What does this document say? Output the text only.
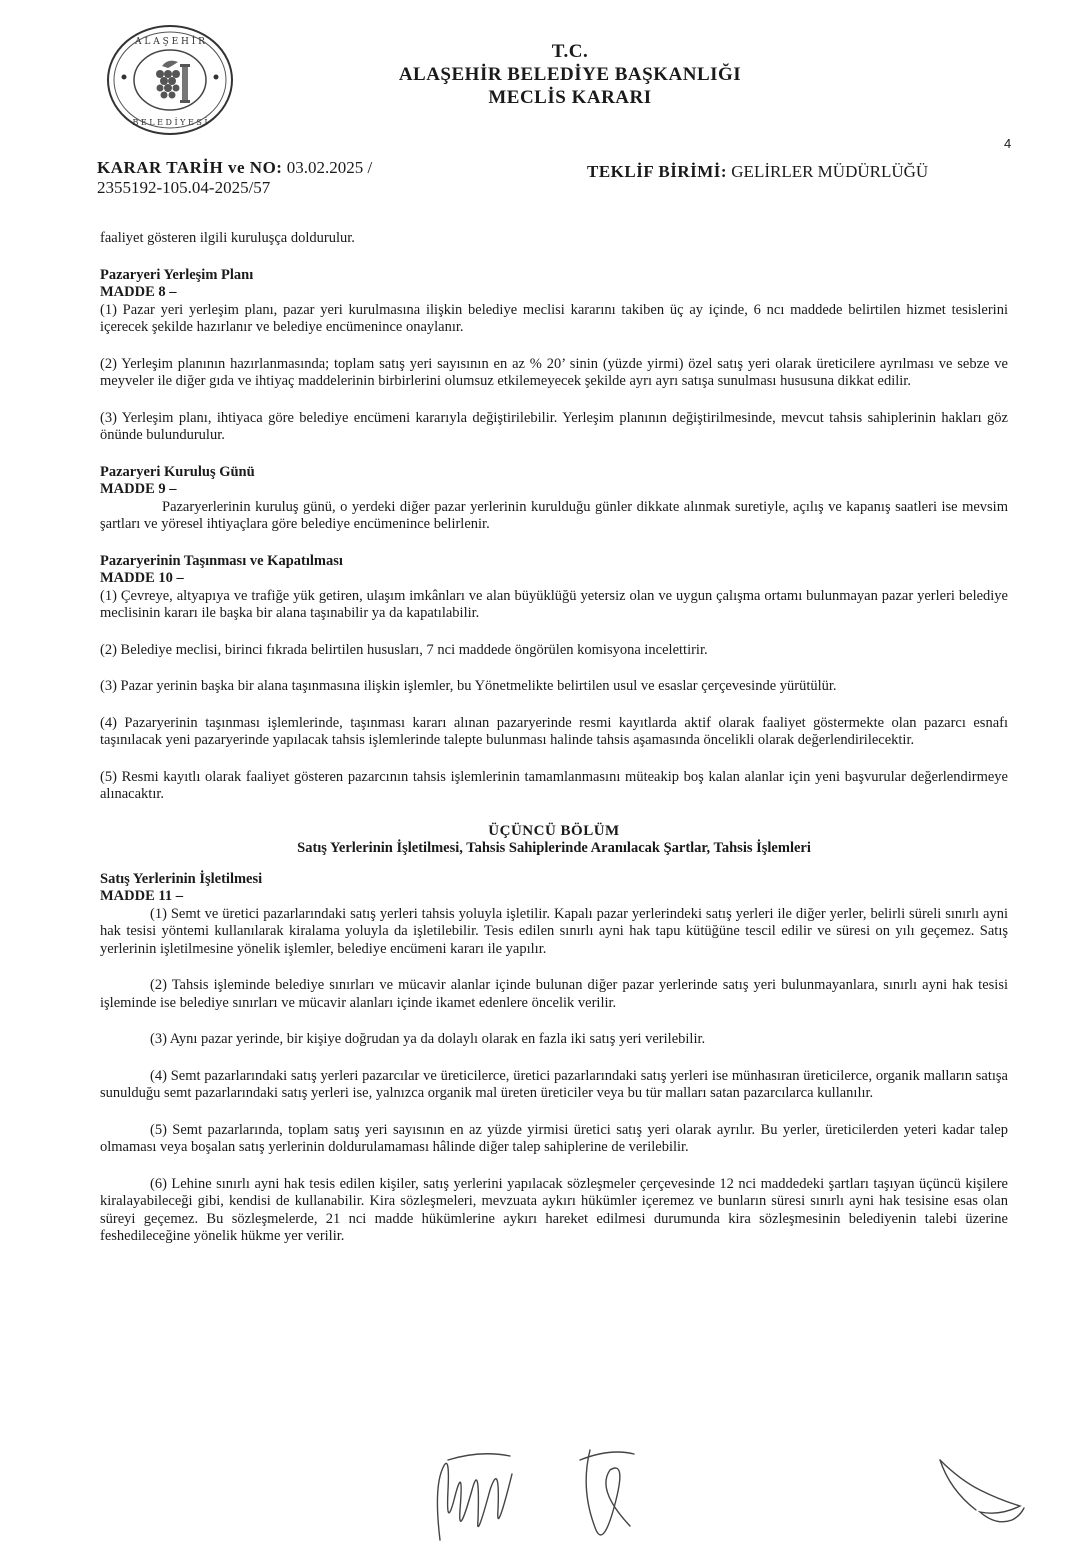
A L A Ş E H İ R
B E L E D İ Y E S İ
T.C.
ALAŞEHİR BELEDİYE BAŞKANLIĞI
MECLİS KARARI
4
KARAR TARİH ve NO: 03.02.2025 /
2355192-105.04-2025/57
TEKLİF BİRİMİ: GELİRLER MÜDÜRLÜĞÜ

faaliyet gösteren ilgili kuruluşça doldurulur.

Pazaryeri Yerleşim Planı

MADDE 8 –

(1) Pazar yeri yerleşim planı, pazar yeri kurulmasına ilişkin belediye meclisi kararını takiben üç ay içinde, 6 ncı maddede belirtilen hizmet tesislerini içerecek şekilde hazırlanır ve belediye encümenince onaylanır.

(2) Yerleşim planının hazırlanmasında; toplam satış yeri sayısının en az % 20’ sinin (yüzde yirmi) özel satış yeri olarak üreticilere ayrılması ve sebze ve meyveler ile diğer gıda ve ihtiyaç maddelerinin birbirlerini olumsuz etkilemeyecek şekilde ayrı ayrı satışa sunulması hususuna dikkat edilir.

(3) Yerleşim planı, ihtiyaca göre belediye encümeni kararıyla değiştirilebilir. Yerleşim planının değiştirilmesinde, mevcut tahsis sahiplerinin hakları göz önünde bulundurulur.

Pazaryeri Kuruluş Günü

MADDE 9 –

Pazaryerlerinin kuruluş günü, o yerdeki diğer pazar yerlerinin kurulduğu günler dikkate alınmak suretiyle, açılış ve kapanış saatleri ise mevsim şartları ve yöresel ihtiyaçlara göre belediye encümenince belirlenir.

Pazaryerinin Taşınması ve Kapatılması

MADDE 10 –

(1) Çevreye, altyapıya ve trafiğe yük getiren, ulaşım imkânları ve alan büyüklüğü yetersiz olan ve uygun çalışma ortamı bulunmayan pazar yerleri belediye meclisinin kararı ile başka bir alana taşınabilir ya da kapatılabilir.

(2) Belediye meclisi, birinci fıkrada belirtilen hususları, 7 nci maddede öngörülen komisyona incelettirir.

(3) Pazar yerinin başka bir alana taşınmasına ilişkin işlemler, bu Yönetmelikte belirtilen usul ve esaslar çerçevesinde yürütülür.

(4) Pazaryerinin taşınması işlemlerinde, taşınması kararı alınan pazaryerinde resmi kayıtlarda aktif olarak faaliyet göstermekte olan pazarcı esnafı taşınılacak yeni pazaryerinde yapılacak tahsis işlemlerinde talepte bulunması halinde tahsis aşamasında öncelikli olarak değerlendirilecektir.

(5) Resmi kayıtlı olarak faaliyet gösteren pazarcının tahsis işlemlerinin tamamlanmasını müteakip boş kalan alanlar için yeni başvurular değerlendirmeye alınacaktır.

ÜÇÜNCÜ BÖLÜM

Satış Yerlerinin İşletilmesi, Tahsis Sahiplerinde Aranılacak Şartlar, Tahsis İşlemleri

Satış Yerlerinin İşletilmesi

MADDE 11 –

(1) Semt ve üretici pazarlarındaki satış yerleri tahsis yoluyla işletilir. Kapalı pazar yerlerindeki satış yerleri ile diğer yerler, belirli süreli sınırlı ayni hak tesisi yöntemi kullanılarak kiralama yoluyla da işletilebilir. Tesis edilen sınırlı ayni hak tapu kütüğüne tescil edilir ve süresi on yılı geçemez. Satış yerlerinin işletilmesine yönelik işlemler, belediye encümeni kararı ile yapılır.

(2) Tahsis işleminde belediye sınırları ve mücavir alanlar içinde bulunan diğer pazar yerlerinde satış yeri bulunmayanlara, sınırlı ayni hak tesisi işleminde ise belediye sınırları ve mücavir alanları içinde ikamet edenlere öncelik verilir.

(3) Aynı pazar yerinde, bir kişiye doğrudan ya da dolaylı olarak en fazla iki satış yeri verilebilir.

(4) Semt pazarlarındaki satış yerleri pazarcılar ve üreticilerce, üretici pazarlarındaki satış yerleri ise münhasıran üreticilerce, organik malların satışa sunulduğu semt pazarlarındaki satış yerleri ise, yalnızca organik mal üreten üreticiler veya bu tür malları satan pazarcılarca kullanılır.

(5) Semt pazarlarında, toplam satış yeri sayısının en az yüzde yirmisi üretici satış yeri olarak ayrılır. Bu yerler, üreticilerden yeteri kadar talep olmaması veya boşalan satış yerlerinin doldurulamaması hâlinde diğer talep sahiplerine de verilebilir.

(6) Lehine sınırlı ayni hak tesis edilen kişiler, satış yerlerini yapılacak sözleşmeler çerçevesinde 12 nci maddedeki şartları taşıyan üçüncü kişilere kiralayabileceği gibi, kendisi de kullanabilir. Kira sözleşmeleri, mevzuata aykırı hükümler içeremez ve bunların süresi sınırlı ayni hak tesisine esas olan süreyi geçemez. Bu sözleşmelerde, 21 nci madde hükümlerine aykırı hareket edilmesi durumunda kira sözleşmesinin belediyenin talebi üzerine feshedileceğine yönelik hükme yer verilir.
